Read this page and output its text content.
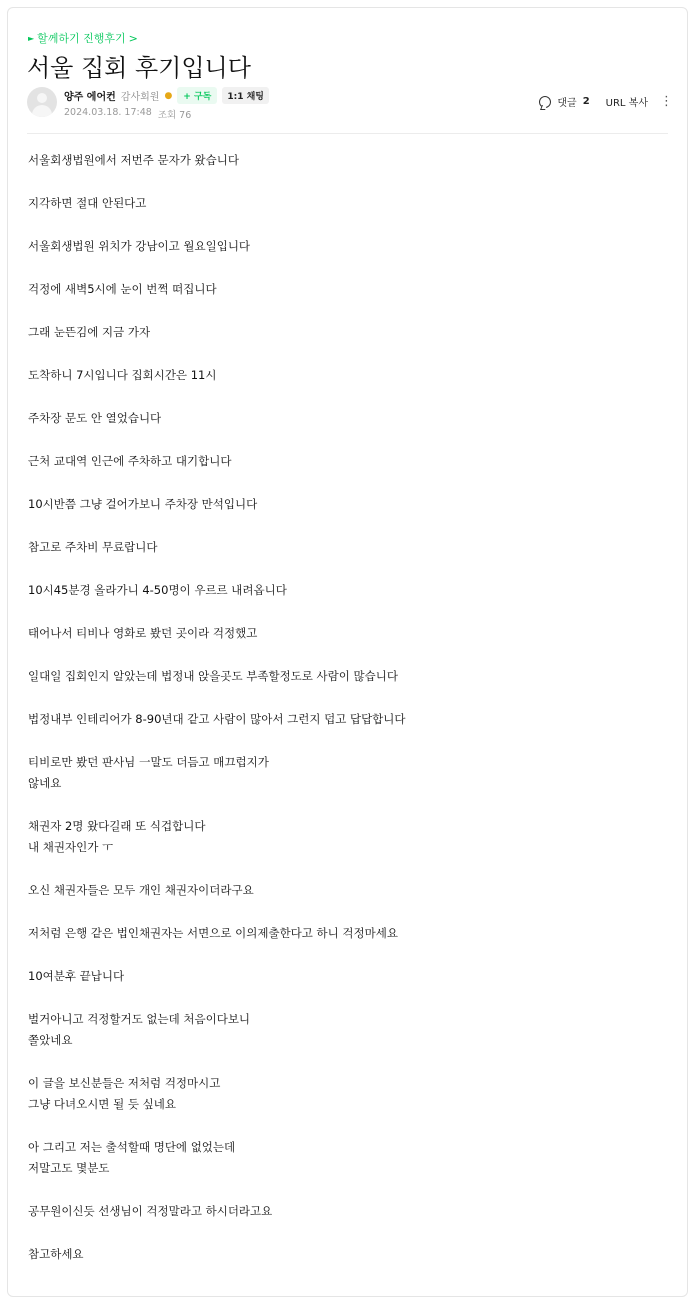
► 할께하기 진행후기 >
서울 집회 후기입니다
양주 에어컨 감사회원 ●	+ 구독	1:1 채팅
2024.03.18. 17:48 조회 76
댓글 2 URL 복사 ⋮

서울회생법원에서 저번주 문자가 왔습니다

지각하면 절대 안된다고

서울회생법원 위치가 강남이고 월요일입니다

걱정에 새벽5시에 눈이 번쩍 떠집니다

그래 눈뜬김에 지금 가자

도착하니 7시입니다 집회시간은 11시

주차장 문도 안 열었습니다

근처 교대역 인근에 주차하고 대기합니다

10시반쯤 그냥 걸어가보니 주차장 만석입니다

참고로 주차비 무료랍니다

10시45분경 올라가니 4-50명이 우르르 내려옵니다

태어나서 티비나 영화로 봤던 곳이라 걱정했고

일대일 집회인지 알았는데 법정내 앉을곳도 부족할정도로 사람이 많습니다

법정내부 인테리어가 8-90년대 같고 사람이 많아서 그런지 덥고 답답합니다

티비로만 봤던 판사님 一말도 더듬고 매끄럽지가

않네요

채권자 2명 왔다길래 또 식겁합니다

내 채권자인가 ㅜ

오신 채권자들은 모두 개인 채권자이더라구요

저처럼 은행 같은 법인채권자는 서면으로 이의제출한다고 하니 걱정마세요

10여분후 끝납니다

벌거아니고 걱정할거도 없는데 처음이다보니

쫄았네요

이 글을 보신분들은 저처럼 걱정마시고

그냥 다녀오시면 될 듯 싶네요

아 그리고 저는 출석할때 명단에 없었는데

저말고도 몇분도

공무원이신듯 선생님이 걱정말라고 하시더라고요

참고하세요
